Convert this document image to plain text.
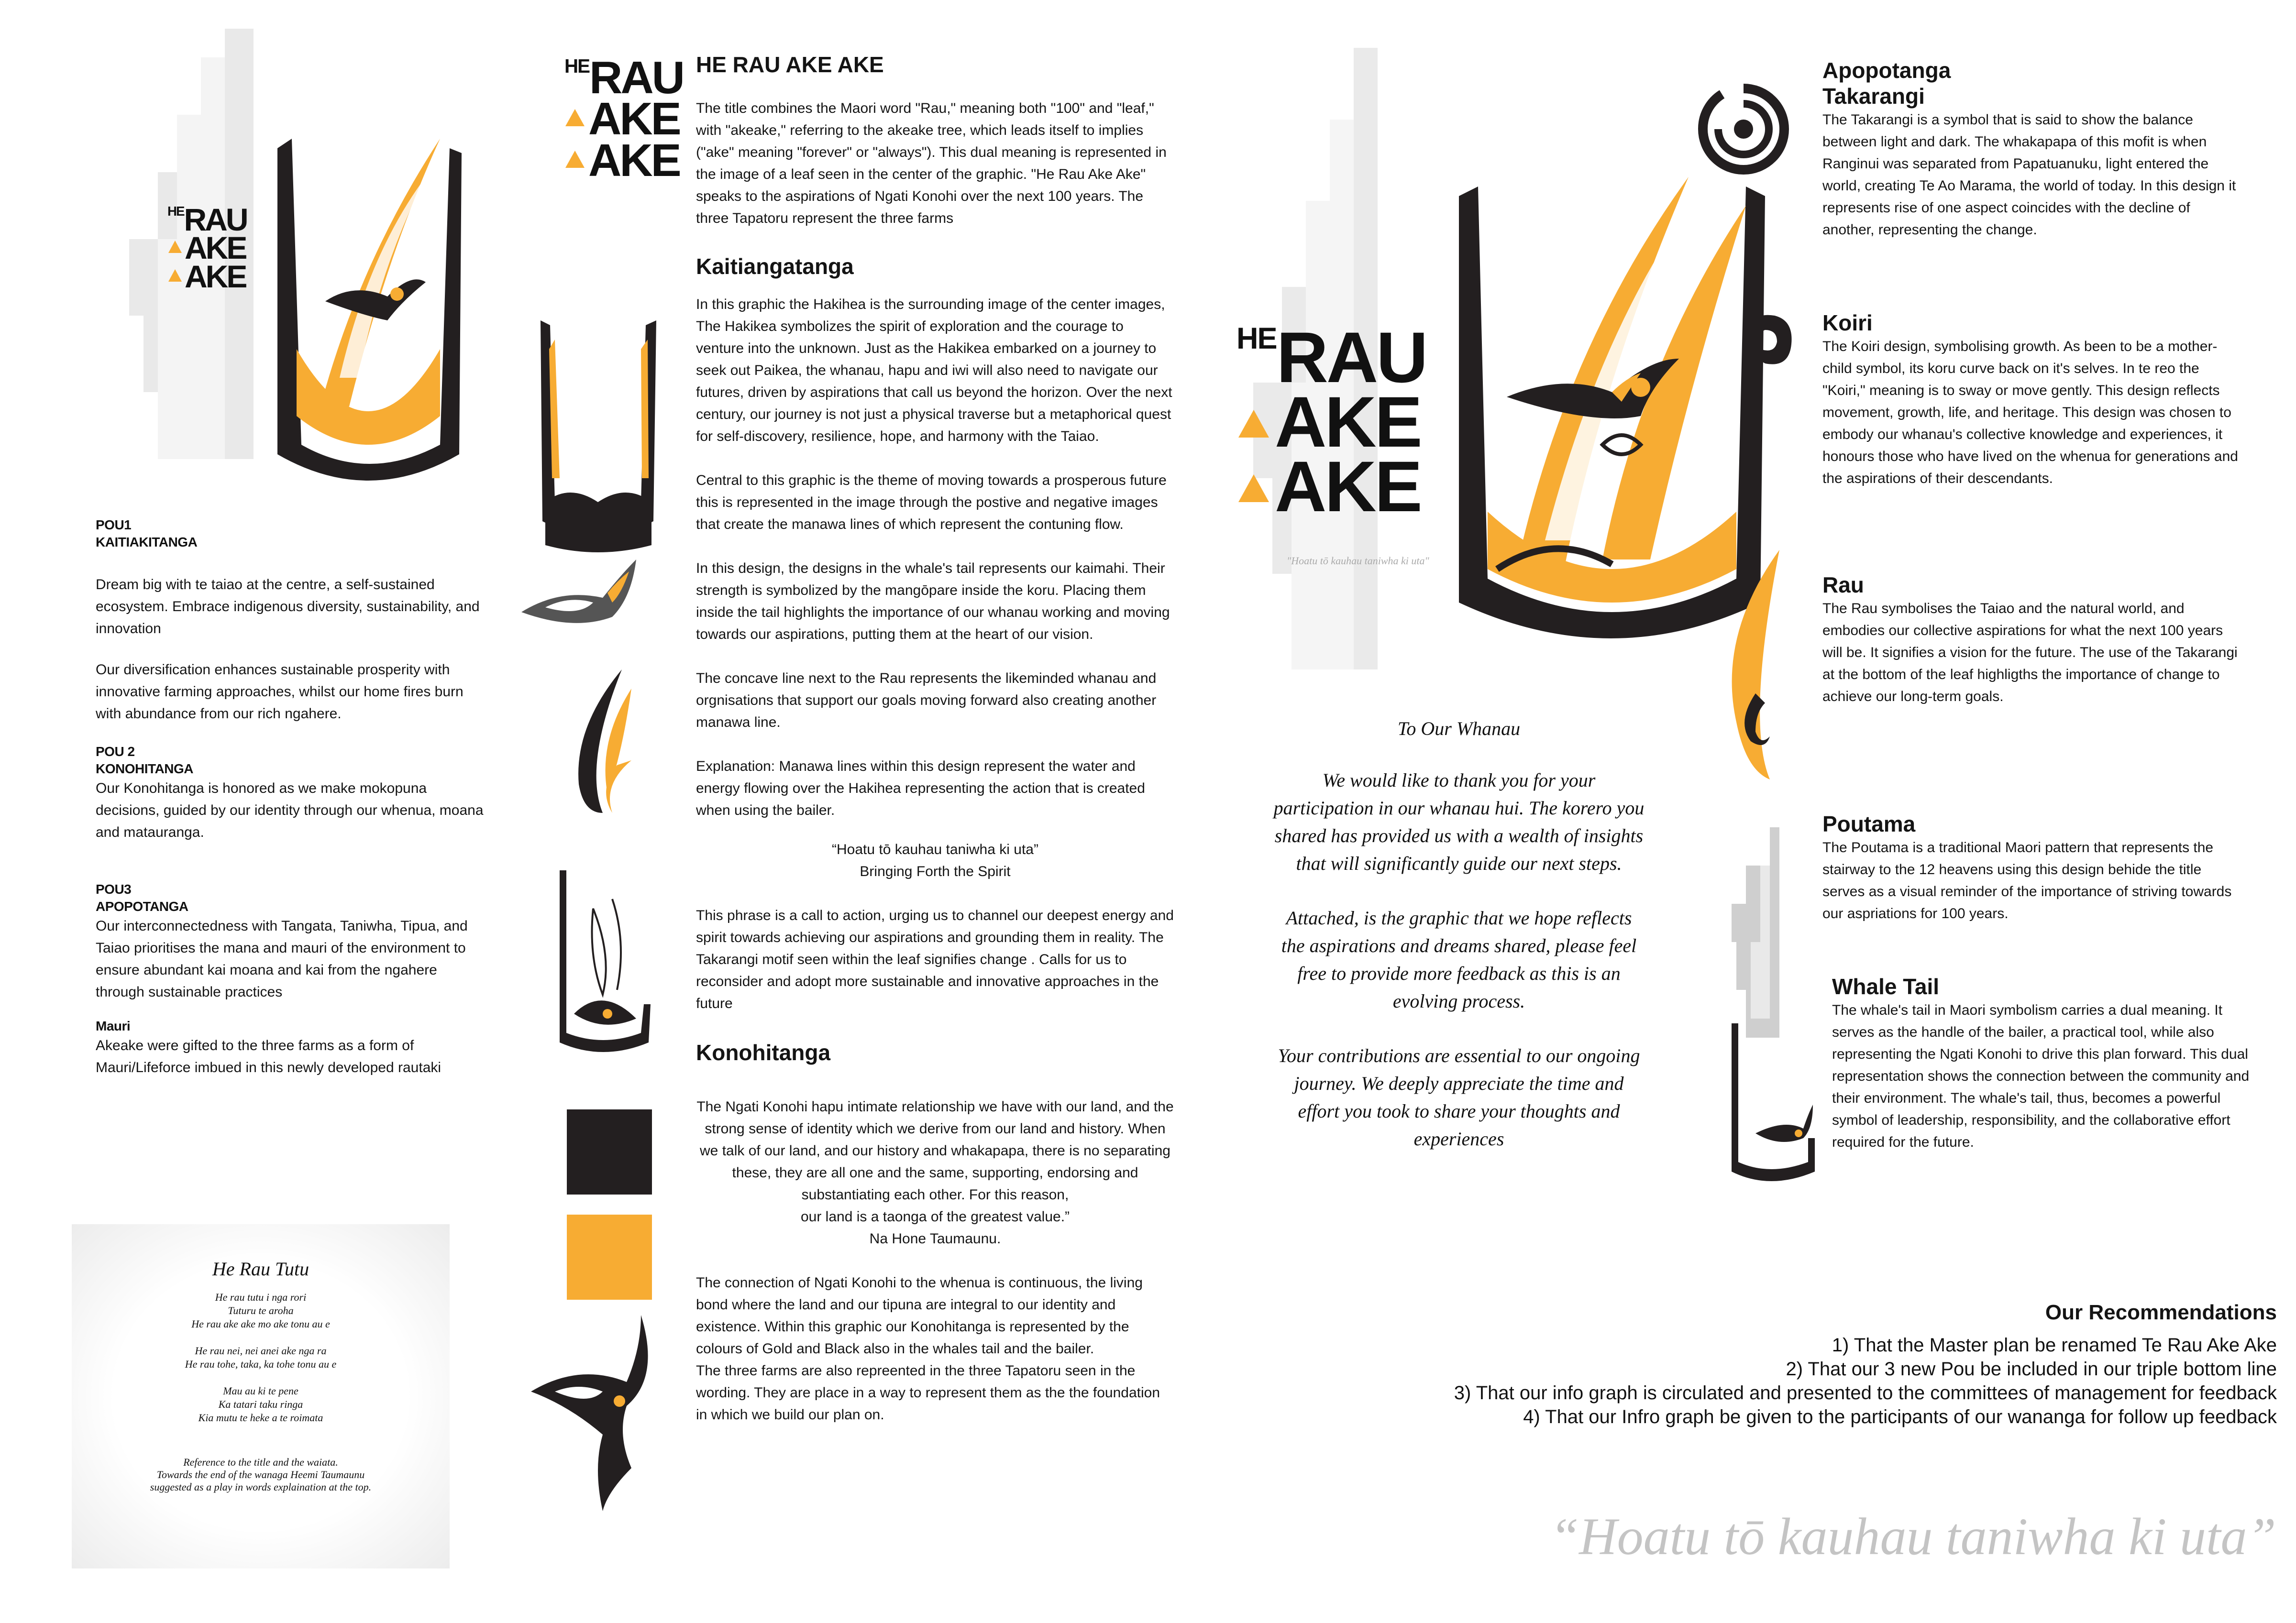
$^{HE}$RAU
AKE
AKE

POU1

KAITIAKITANGA

Dream big with te taiao at the centre, a self-sustained ecosystem. Embrace indigenous diversity, sustainability, and innovation

Our diversification enhances sustainable prosperity with innovative farming approaches, whilst our home fires burn with abundance from our rich ngahere.

POU 2

KONOHITANGA

Our Konohitanga is honored as we make mokopuna decisions, guided by our identity through our whenua, moana and matauranga.

POU3

APOPOTANGA

Our interconnectedness with Tangata, Taniwha, Tipua, and Taiao prioritises the mana and mauri of the environment to ensure abundant kai moana and kai from the ngahere through sustainable practices

Mauri

Akeake were gifted to the three farms as a form of Mauri/Lifeforce imbued in this newly developed rautaki

He Rau Tutu
He rau tutu i nga rori
Tuturu te aroha
He rau ake ake mo ake tonu au e
He rau nei, nei anei ake nga ra
He rau tohe, taka, ka tohe tonu au e
Mau au ki te pene
Ka tatari taku ringa
Kia mutu te heke a te roimata
Reference to the title and the waiata.
Towards the end of the wanaga Heemi Taumaunu
suggested as a play in words explaination at the top.
$^{HE}$RAU
AKE
AKE

HE RAU AKE AKE

The title combines the Maori word "Rau," meaning both "100" and "leaf," with "akeake," referring to the akeake tree, which leads itself to implies ("ake" meaning "forever" or "always"). This dual meaning is represented in the image of a leaf seen in the center of the graphic. "He Rau Ake Ake" speaks to the aspirations of Ngati Konohi over the next 100 years. The three Tapatoru represent the three farms

Kaitiangatanga

In this graphic the Hakihea is the surrounding image of the center images, The Hakikea symbolizes the spirit of exploration and the courage to venture into the unknown. Just as the Hakikea embarked on a journey to seek out Paikea, the whanau, hapu and iwi will also need to navigate our futures, driven by aspirations that call us beyond the horizon. Over the next century, our journey is not just a physical traverse but a metaphorical quest for self-discovery, resilience, hope, and harmony with the Taiao.

Central to this graphic is the theme of moving towards a prosperous future this is represented in the image through the postive and negative images that create the manawa lines of which represent the contuning flow.

In this design, the designs in the whale's tail represents our kaimahi. Their strength is symbolized by the mangōpare inside the koru. Placing them inside the tail highlights the importance of our whanau working and moving towards our aspirations, putting them at the heart of our vision.

The concave line next to the Rau represents the likeminded whanau and orgnisations that support our goals moving forward also creating another manawa line.

Explanation: Manawa lines within this design represent the water and energy flowing over the Hakihea representing the action that is created when using the bailer.

“Hoatu tō kauhau taniwha ki uta”

Bringing Forth the Spirit

This phrase is a call to action, urging us to channel our deepest energy and spirit towards achieving our aspirations and grounding them in reality. The Takarangi motif seen within the leaf signifies change . Calls for us to reconsider and adopt more sustainable and innovative approaches in the future

Konohitanga

The Ngati Konohi hapu intimate relationship we have with our land, and the strong sense of identity which we derive from our land and history. When we talk of our land, and our history and whakapapa, there is no separating these, they are all one and the same, supporting, endorsing and substantiating each other. For this reason,

our land is a taonga of the greatest value.”

Na Hone Taumaunu.

The connection of Ngati Konohi to the whenua is continuous, the living bond where the land and our tipuna are integral to our identity and existence. Within this graphic our Konohitanga is represented by the colours of Gold and Black also in the whales tail and the bailer.

The three farms are also repreented in the three Tapatoru seen in the wording. They are place in a way to represent them as the the foundation in which we build our plan on.

$^{HE}$RAU
AKE
AKE
"Hoatu tō kauhau taniwha ki uta"
To Our Whanau

We would like to thank you for your participation in our whanau hui. The korero you shared has provided us with a wealth of insights that will significantly guide our next steps.

Attached, is the graphic that we hope reflects the aspirations and dreams shared, please feel free to provide more feedback as this is an evolving process.

Your contributions are essential to our ongoing journey. We deeply appreciate the time and effort you took to share your thoughts and experiences

Apopotanga

Takarangi

The Takarangi is a symbol that is said to show the balance between light and dark. The whakapapa of this mofit is when Ranginui was separated from Papatuanuku, light entered the world, creating Te Ao Marama, the world of today. In this design it represents rise of one aspect coincides with the decline of another, representing the change.

Koiri

The Koiri design, symbolising growth. As been to be a mother-child symbol, its koru curve back on it's selves. In te reo the "Koiri," meaning is to sway or move gently. This design reflects movement, growth, life, and heritage. This design was chosen to embody our whanau's collective knowledge and experiences, it honours those who have lived on the whenua for generations and the aspirations of their descendants.

Rau

The Rau symbolises the Taiao and the natural world, and embodies our collective aspirations for what the next 100 years will be. It signifies a vision for the future. The use of the Takarangi at the bottom of the leaf highligths the importance of change to achieve our long-term goals.

Poutama

The Poutama is a traditional Maori pattern that represents the stairway to the 12 heavens using this design behide the title serves as a visual reminder of the importance of striving towards our aspriations for 100 years.

Whale Tail

The whale's tail in Maori symbolism carries a dual meaning. It serves as the handle of the bailer, a practical tool, while also representing the Ngati Konohi to drive this plan forward. This dual representation shows the connection between the community and their environment. The whale's tail, thus, becomes a powerful symbol of leadership, responsibility, and the collaborative effort required for the future.

Our Recommendations

1) That the Master plan be renamed Te Rau Ake Ake

2) That our 3 new Pou be included in our triple bottom line

3) That our info graph is circulated and presented to the committees of management for feedback

4) That our Infro graph be given to the participants of our wananga for follow up feedback

“Hoatu tō kauhau taniwha ki uta”
